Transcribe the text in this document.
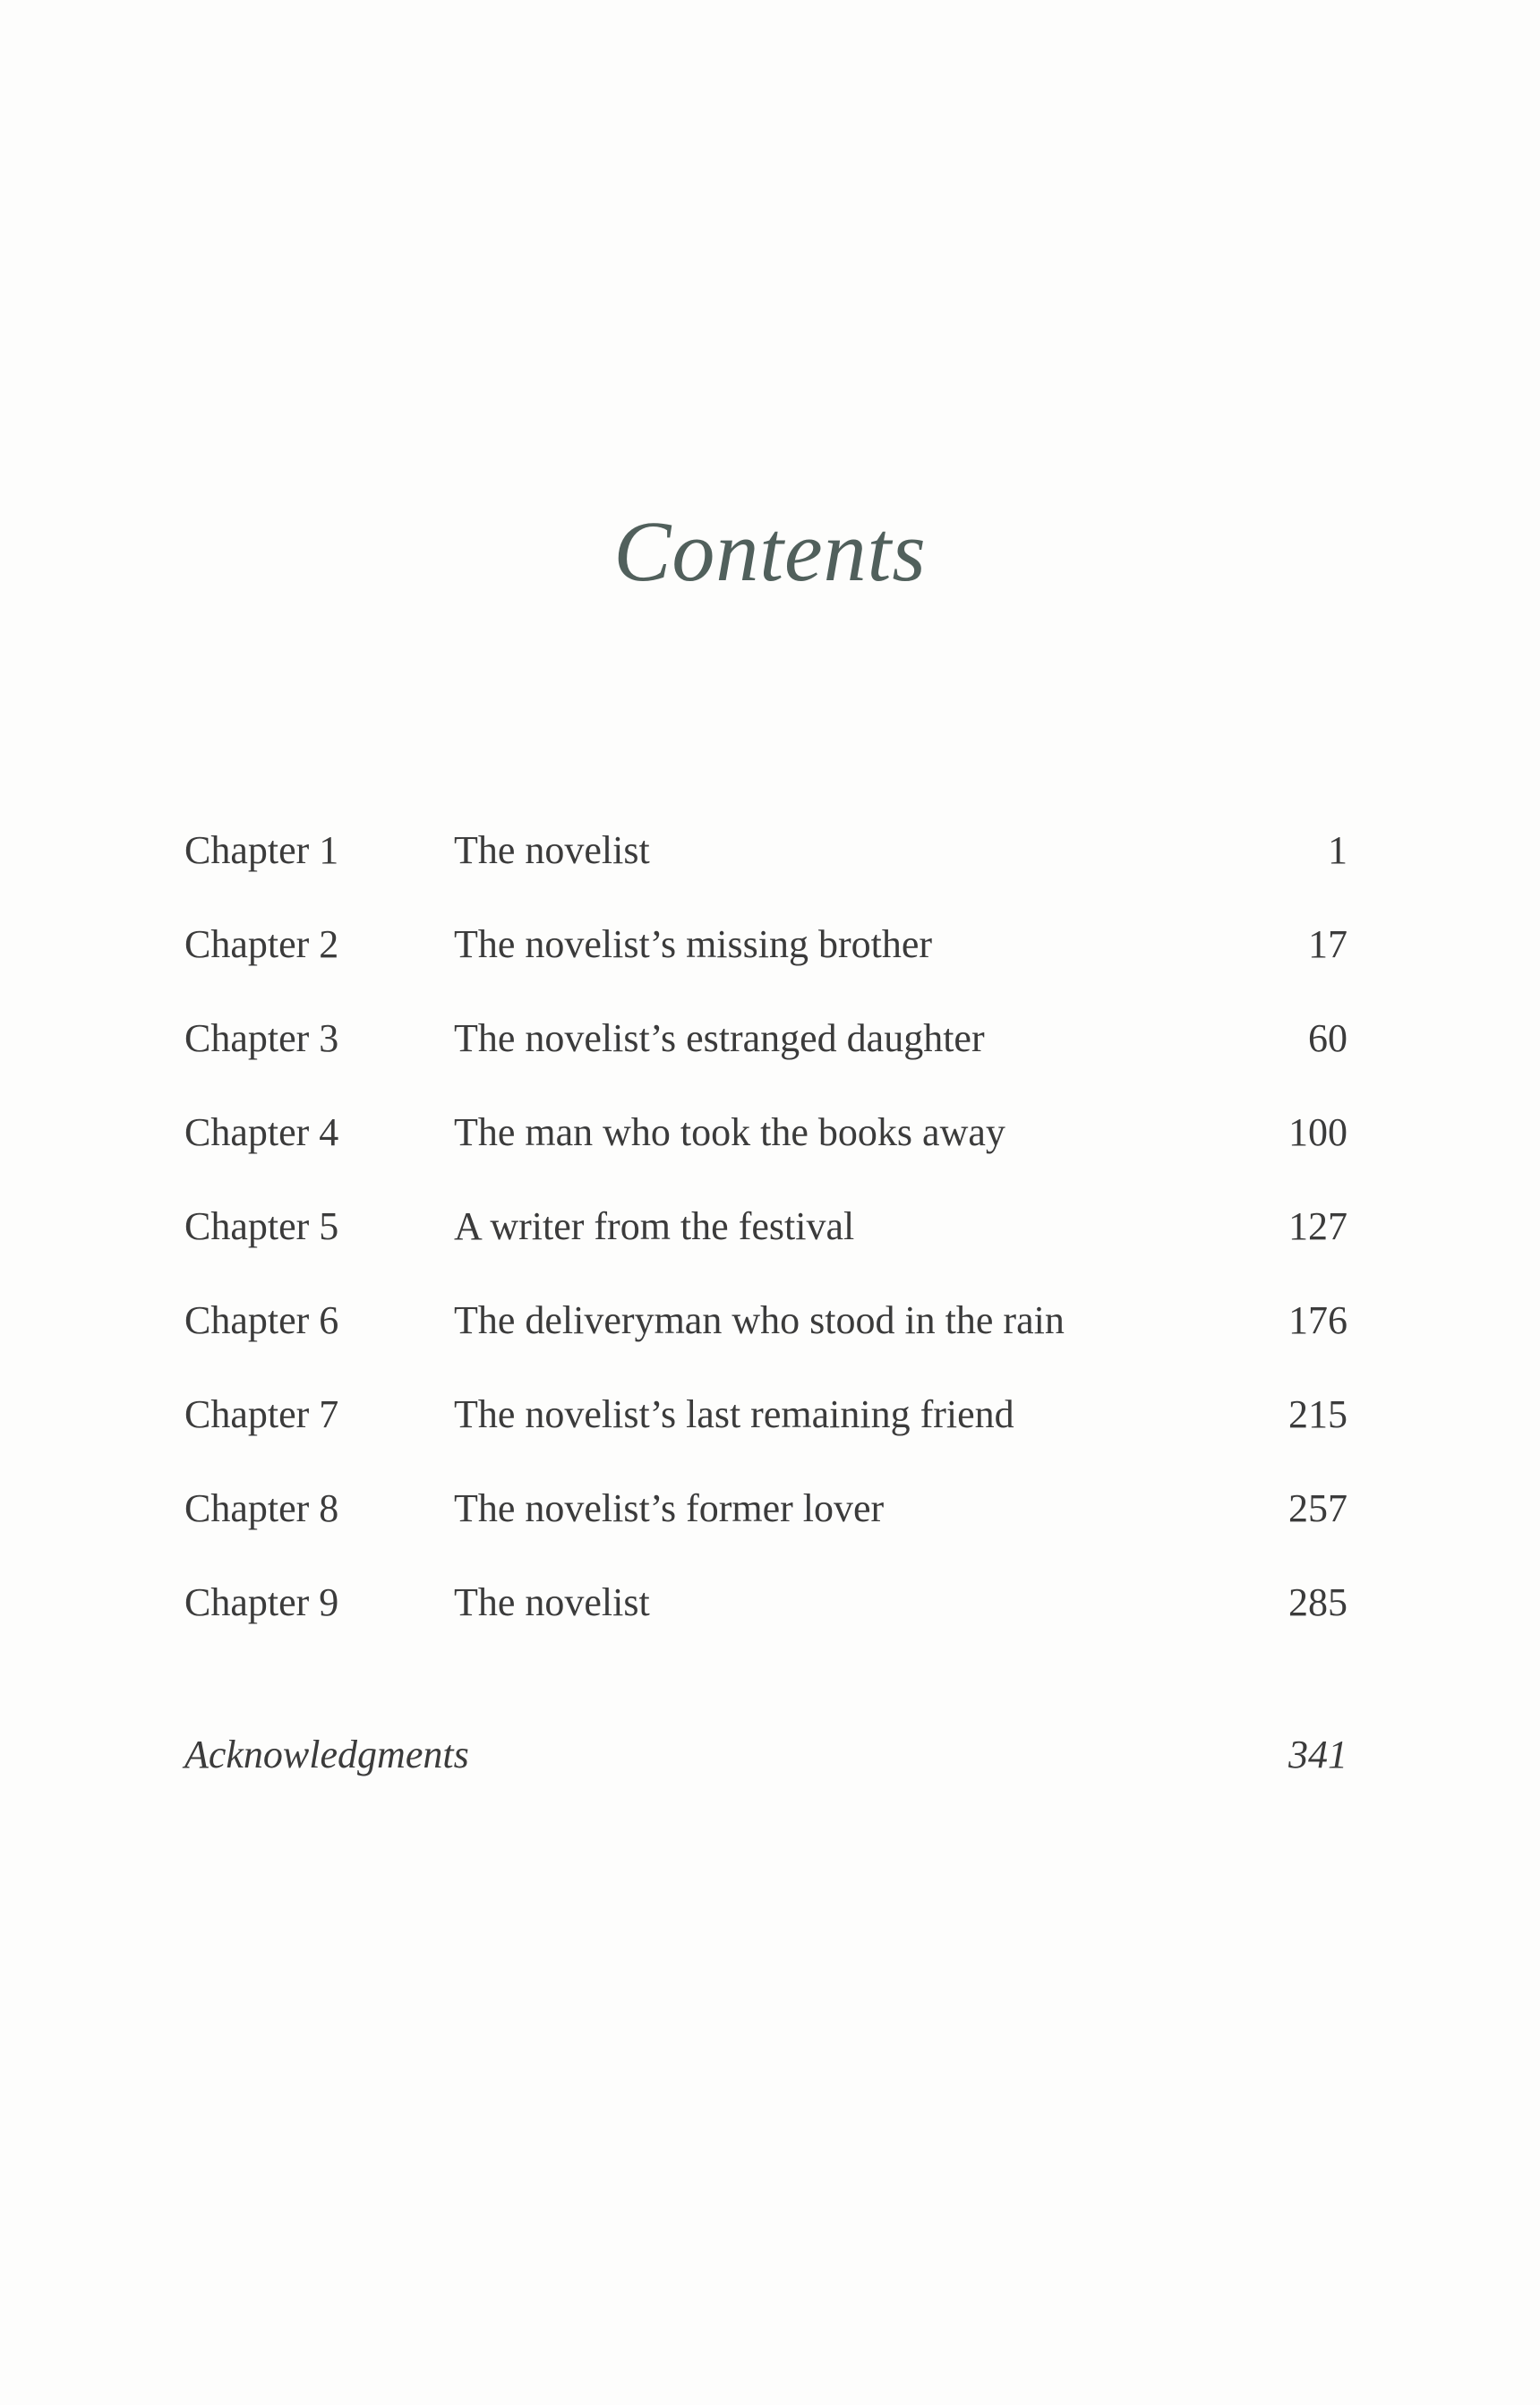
Contents
Chapter 1	The novelist	1
Chapter 2	The novelist’s missing brother	17
Chapter 3	The novelist’s estranged daughter	60
Chapter 4	The man who took the books away	100
Chapter 5	A writer from the festival	127
Chapter 6	The deliveryman who stood in the rain	176
Chapter 7	The novelist’s last remaining friend	215
Chapter 8	The novelist’s former lover	257
Chapter 9	The novelist	285
Acknowledgments	341
